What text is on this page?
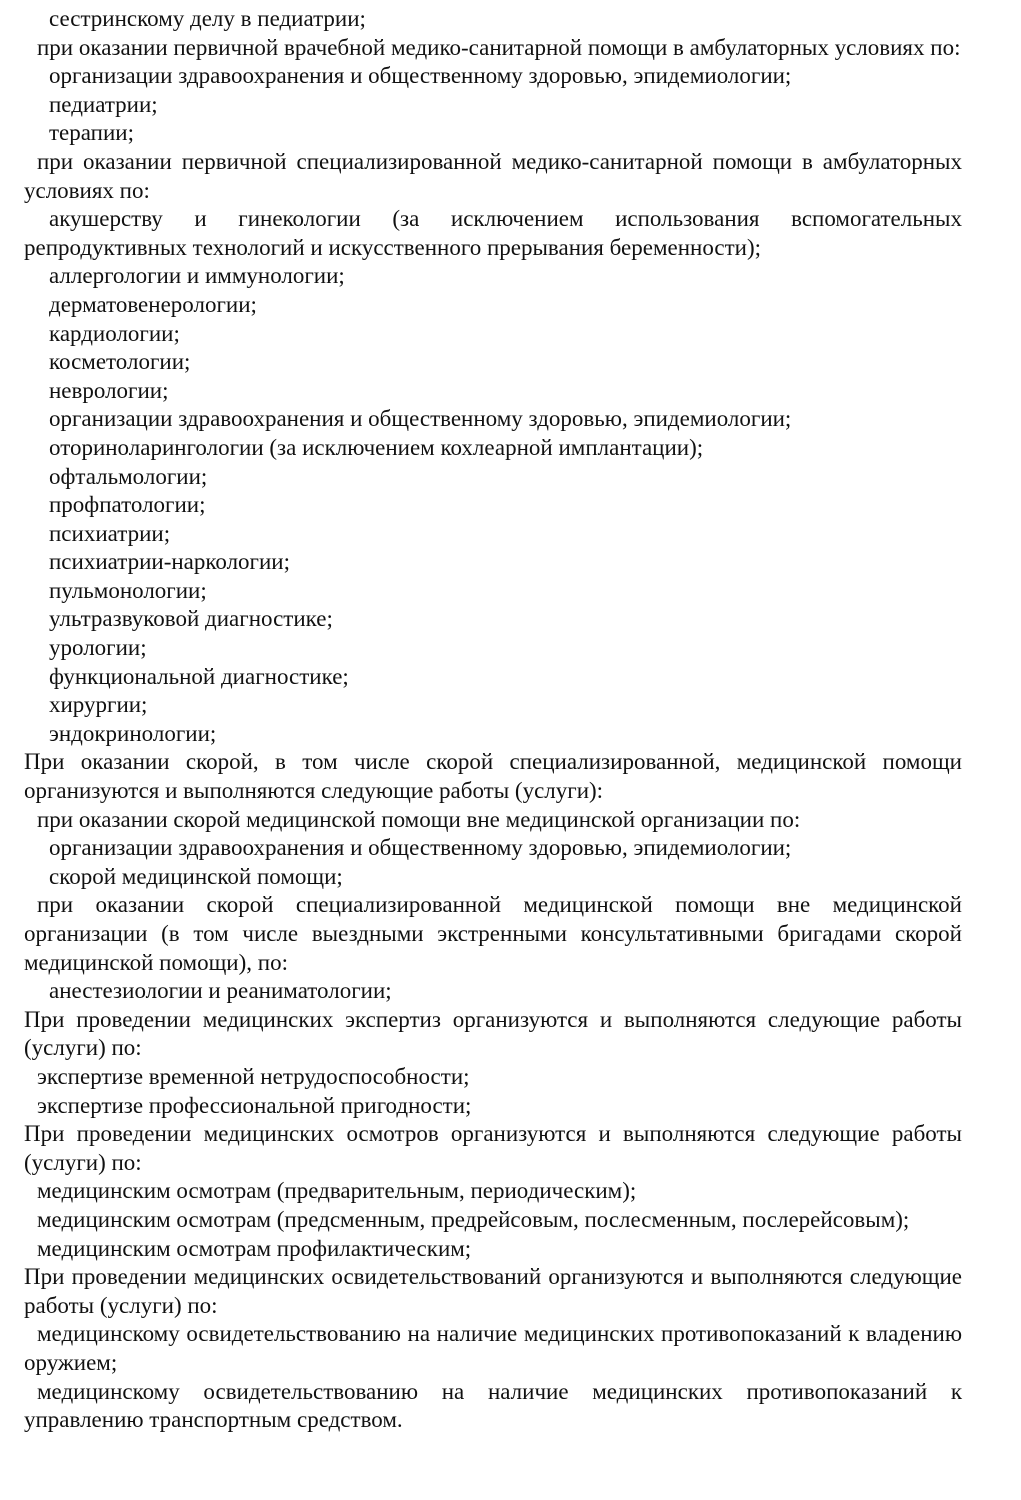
сестринскому делу в педиатрии;

при оказании первичной врачебной медико-санитарной помощи в амбулаторных условиях по:

организации здравоохранения и общественному здоровью, эпидемиологии;

педиатрии;

терапии;

при оказании первичной специализированной медико-санитарной помощи в амбулаторных условиях по:

акушерству и гинекологии (за исключением использования вспомогательных репродуктивных технологий и искусственного прерывания беременности);

аллергологии и иммунологии;

дерматовенерологии;

кардиологии;

косметологии;

неврологии;

организации здравоохранения и общественному здоровью, эпидемиологии;

оториноларингологии (за исключением кохлеарной имплантации);

офтальмологии;

профпатологии;

психиатрии;

психиатрии-наркологии;

пульмонологии;

ультразвуковой диагностике;

урологии;

функциональной диагностике;

хирургии;

эндокринологии;

При оказании скорой, в том числе скорой специализированной, медицинской помощи организуются и выполняются следующие работы (услуги):

при оказании скорой медицинской помощи вне медицинской организации по:

организации здравоохранения и общественному здоровью, эпидемиологии;

скорой медицинской помощи;

при оказании скорой специализированной медицинской помощи вне медицинской организации (в том числе выездными экстренными консультативными бригадами скорой медицинской помощи), по:

анестезиологии и реаниматологии;

При проведении медицинских экспертиз организуются и выполняются следующие работы (услуги) по:

экспертизе временной нетрудоспособности;

экспертизе профессиональной пригодности;

При проведении медицинских осмотров организуются и выполняются следующие работы (услуги) по:

медицинским осмотрам (предварительным, периодическим);

медицинским осмотрам (предсменным, предрейсовым, послесменным, послерейсовым);

медицинским осмотрам профилактическим;

При проведении медицинских освидетельствований организуются и выполняются следующие работы (услуги) по:

медицинскому освидетельствованию на наличие медицинских противопоказаний к владению оружием;

медицинскому освидетельствованию на наличие медицинских противопоказаний к управлению транспортным средством.
